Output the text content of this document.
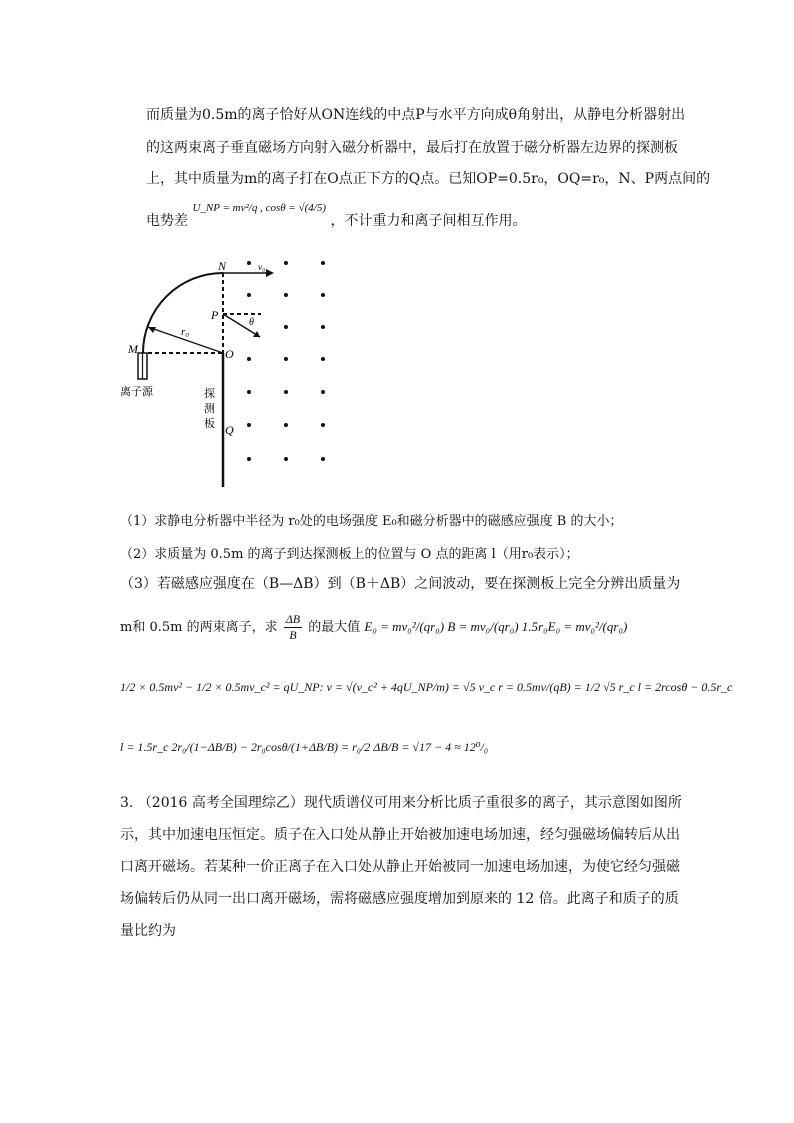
而质量为0.5m的离子恰好从ON连线的中点P与水平方向成θ角射出，从静电分析器射出
的这两束离子垂直磁场方向射入磁分析器中，最后打在放置于磁分析器左边界的探测板
上，其中质量为m的离子打在O点正下方的Q点。已知OP=0.5r₀，OQ=r₀，N、P两点间的
电势差 $^{U\_NP = mv^2/q , cos\theta = √(4/5)}$ ，不计重力和离子间相互作用。
N	v₀
P
θ
r₀
M	O
Q
离子源	探
测
板
（1）求静电分析器中半径为 r₀处的电场强度 E₀和磁分析器中的磁感应强度 B 的大小；
（2）求质量为 0.5m 的离子到达探测板上的位置与 O 点的距离 l（用r₀表示）；
（3）若磁感应强度在（B—ΔB）到（B＋ΔB）之间波动，要在探测板上完全分辨出质量为
m和 0.5m 的两束离子，求 $\frac{\Delta B}{B}$ 的最大值 E₀ = mv₀²/(qr₀) B = mv₀/(qr₀) 1.5r₀E₀ = mv₀²/(qr₀)
1/2 × 0.5mv² − 1/2 × 0.5mv_c² = qU_NP: v = √(v_c² + 4qU_NP/m) = √5 v_c r = 0.5mv/(qB) = 1/2 √5 r_c l = 2rcosθ − 0.5r_c
l = 1.5r_c 2r₀/(1−ΔB/B) − 2r₀cosθ/(1+ΔB/B) = r₀/2 ΔB/B = √17 − 4 ≈ 12⁰/₀
3. （2016 高考全国理综乙）现代质谱仪可用来分析比质子重很多的离子，其示意图如图所
示，其中加速电压恒定。质子在入口处从静止开始被加速电场加速，经匀强磁场偏转后从出
口离开磁场。若某种一价正离子在入口处从静止开始被同一加速电场加速，为使它经匀强磁
场偏转后仍从同一出口离开磁场，需将磁感应强度增加到原来的 12 倍。此离子和质子的质
量比约为
